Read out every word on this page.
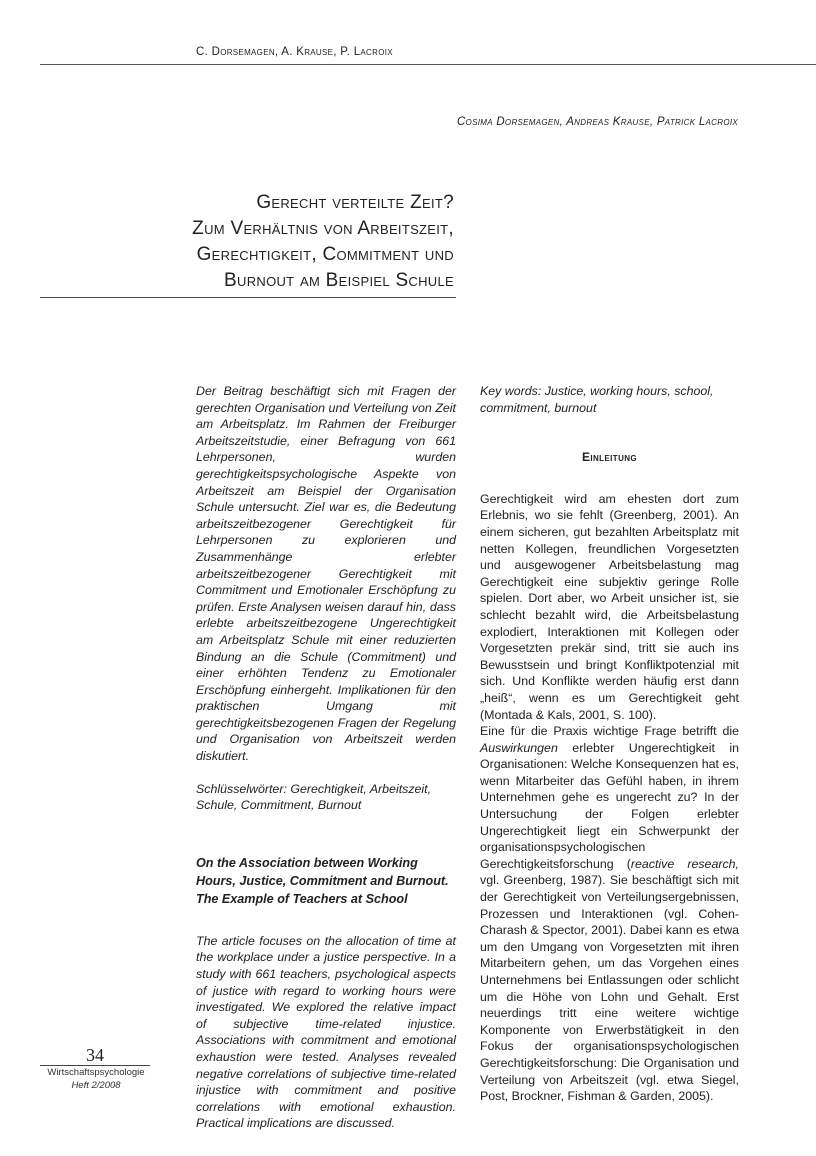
C. Dorsemagen, A. Krause, P. Lacroix
Cosima Dorsemagen, Andreas Krause, Patrick Lacroix
Gerecht verteilte Zeit?
Zum Verhältnis von Arbeitszeit,
Gerechtigkeit, Commitment und
Burnout am Beispiel Schule

Der Beitrag beschäftigt sich mit Fragen der gerechten Organisation und Verteilung von Zeit am Arbeitsplatz. Im Rahmen der Freiburger Arbeitszeitstudie, einer Befragung von 661 Lehrpersonen, wurden gerechtigkeitspsychologische Aspekte von Arbeitszeit am Beispiel der Organisation Schule untersucht. Ziel war es, die Bedeutung arbeitszeitbezogener Gerechtigkeit für Lehrpersonen zu explorieren und Zusammenhänge erlebter arbeitszeitbezogener Gerechtigkeit mit Commitment und Emotionaler Erschöpfung zu prüfen. Erste Analysen weisen darauf hin, dass erlebte arbeitszeitbezogene Ungerechtigkeit am Arbeitsplatz Schule mit einer reduzierten Bindung an die Schule (Commitment) und einer erhöhten Tendenz zu Emotionaler Erschöpfung einhergeht. Implikationen für den praktischen Umgang mit gerechtigkeitsbezogenen Fragen der Regelung und Organisation von Arbeitszeit werden diskutiert.

Schlüsselwörter: Gerechtigkeit, Arbeitszeit, Schule, Commitment, Burnout

On the Association between Working Hours, Justice, Commitment and Burnout. The Example of Teachers at School

The article focuses on the allocation of time at the workplace under a justice perspective. In a study with 661 teachers, psychological aspects of justice with regard to working hours were investigated. We explored the relative impact of subjective time-related injustice. Associations with commitment and emotional exhaustion were tested. Analyses revealed negative correlations of subjective time-related injustice with commitment and positive correlations with emotional exhaustion. Practical implications are discussed.

Key words: Justice, working hours, school, commitment, burnout

Einleitung

Gerechtigkeit wird am ehesten dort zum Erlebnis, wo sie fehlt (Greenberg, 2001). An einem sicheren, gut bezahlten Arbeitsplatz mit netten Kollegen, freundlichen Vorgesetzten und ausgewogener Arbeitsbelastung mag Gerechtigkeit eine subjektiv geringe Rolle spielen. Dort aber, wo Arbeit unsicher ist, sie schlecht bezahlt wird, die Arbeitsbelastung explodiert, Interaktionen mit Kollegen oder Vorgesetzten prekär sind, tritt sie auch ins Bewusstsein und bringt Konfliktpotenzial mit sich. Und Konflikte werden häufig erst dann „heiß“, wenn es um Gerechtigkeit geht (Montada & Kals, 2001, S. 100).

Eine für die Praxis wichtige Frage betrifft die Auswirkungen erlebter Ungerechtigkeit in Organisationen: Welche Konsequenzen hat es, wenn Mitarbeiter das Gefühl haben, in ihrem Unternehmen gehe es ungerecht zu? In der Untersuchung der Folgen erlebter Ungerechtigkeit liegt ein Schwerpunkt der organisationspsychologischen Gerechtigkeitsforschung (reactive research, vgl. Greenberg, 1987). Sie beschäftigt sich mit der Gerechtigkeit von Verteilungsergebnissen, Prozessen und Interaktionen (vgl. Cohen-Charash & Spector, 2001). Dabei kann es etwa um den Umgang von Vorgesetzten mit ihren Mitarbeitern gehen, um das Vorgehen eines Unternehmens bei Entlassungen oder schlicht um die Höhe von Lohn und Gehalt. Erst neuerdings tritt eine weitere wichtige Komponente von Erwerbstätigkeit in den Fokus der organisationspsychologischen Gerechtigkeitsforschung: Die Organisation und Verteilung von Arbeitszeit (vgl. etwa Siegel, Post, Brockner, Fishman & Garden, 2005).

34
Wirtschaftspsychologie
Heft 2/2008
